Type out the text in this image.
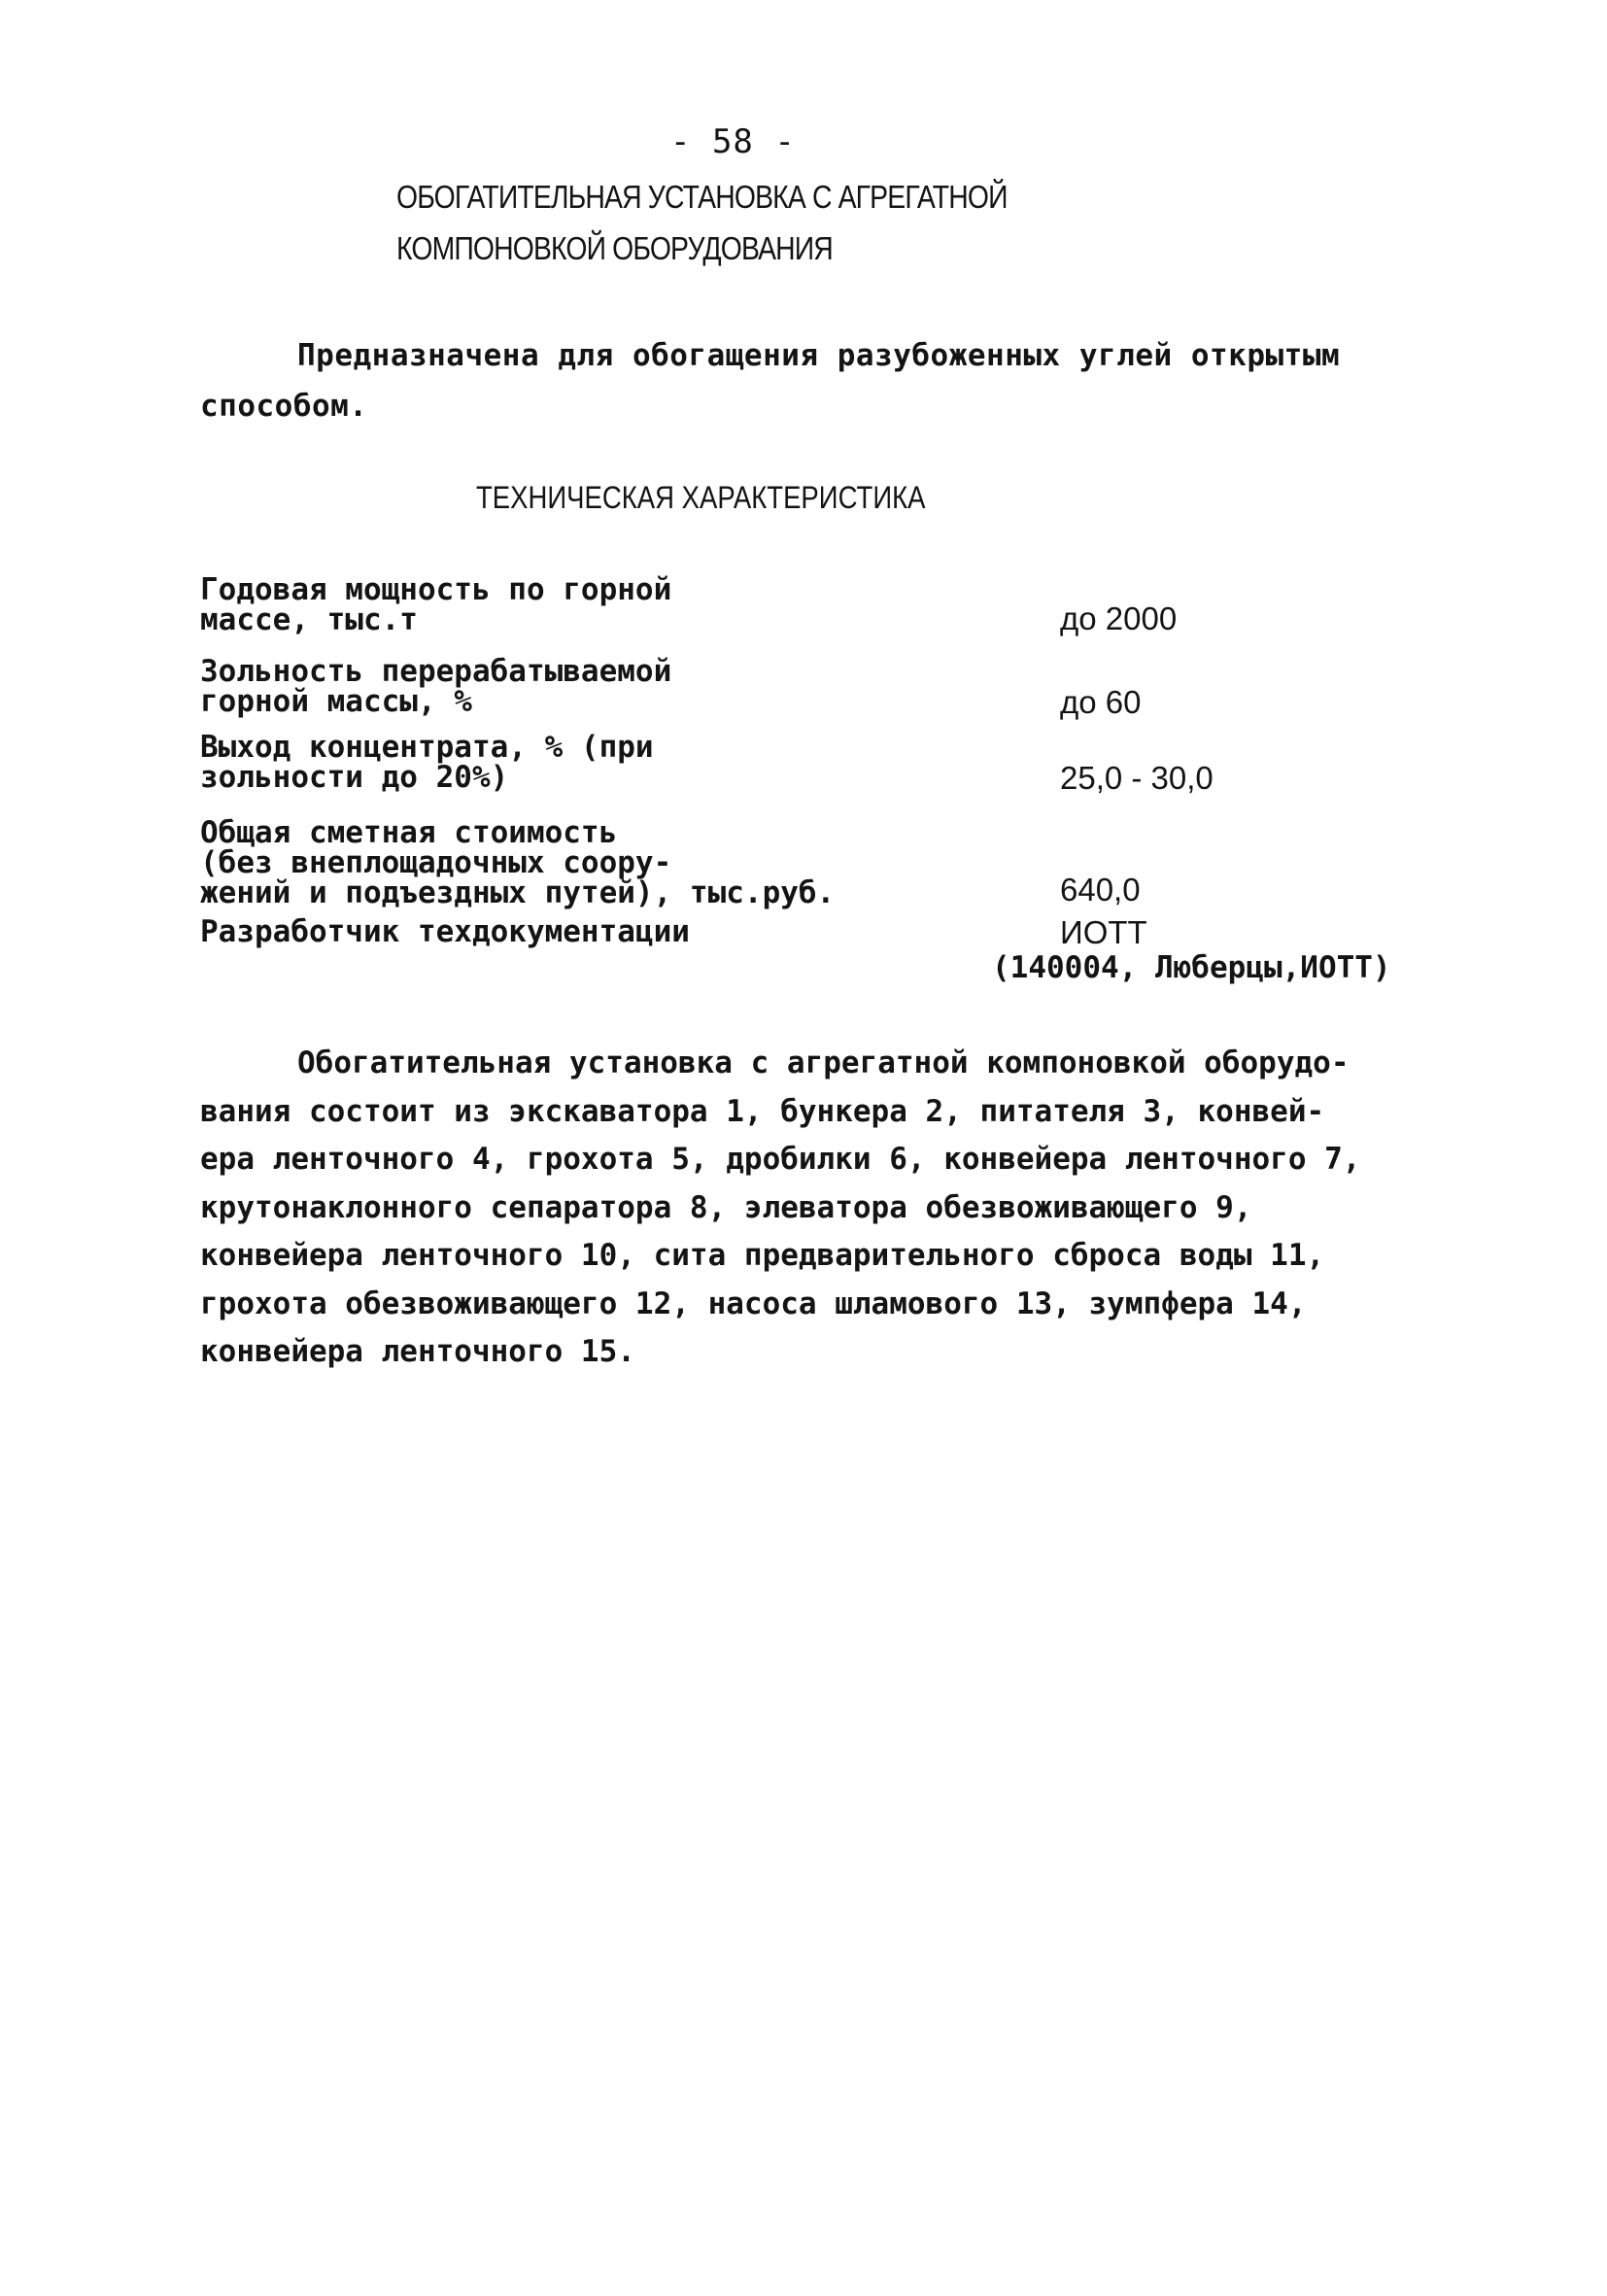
- 58 -
ОБОГАТИТЕЛЬНАЯ УСТАНОВКА С АГРЕГАТНОЙ
КОМПОНОВКОЙ ОБОРУДОВАНИЯ
Предназначена для обогащения разубоженных углей открытым
способом.
ТЕХНИЧЕСКАЯ ХАРАКТЕРИСТИКА
Годовая мощность по горной
массе, тыс.т	до 2000
Зольность перерабатываемой
горной массы, %	до 60
Выход концентрата, % (при
зольности до 20%)	25,0 - 30,0
Общая сметная стоимость
(без внеплощадочных соору-
жений и подъездных путей), тыс.руб.	640,0
Разработчик техдокументации	ИОТТ
(140004, Люберцы,ИОТТ)
Обогатительная установка с агрегатной компоновкой оборудо-
вания состоит из экскаватора 1, бункера 2, питателя 3, конвей-
ера ленточного 4, грохота 5, дробилки 6, конвейера ленточного 7,
крутонаклонного сепаратора 8, элеватора обезвоживающего 9,
конвейера ленточного 10, сита предварительного сброса воды 11,
грохота обезвоживающего 12, насоса шламового 13, зумпфера 14,
конвейера ленточного 15.
